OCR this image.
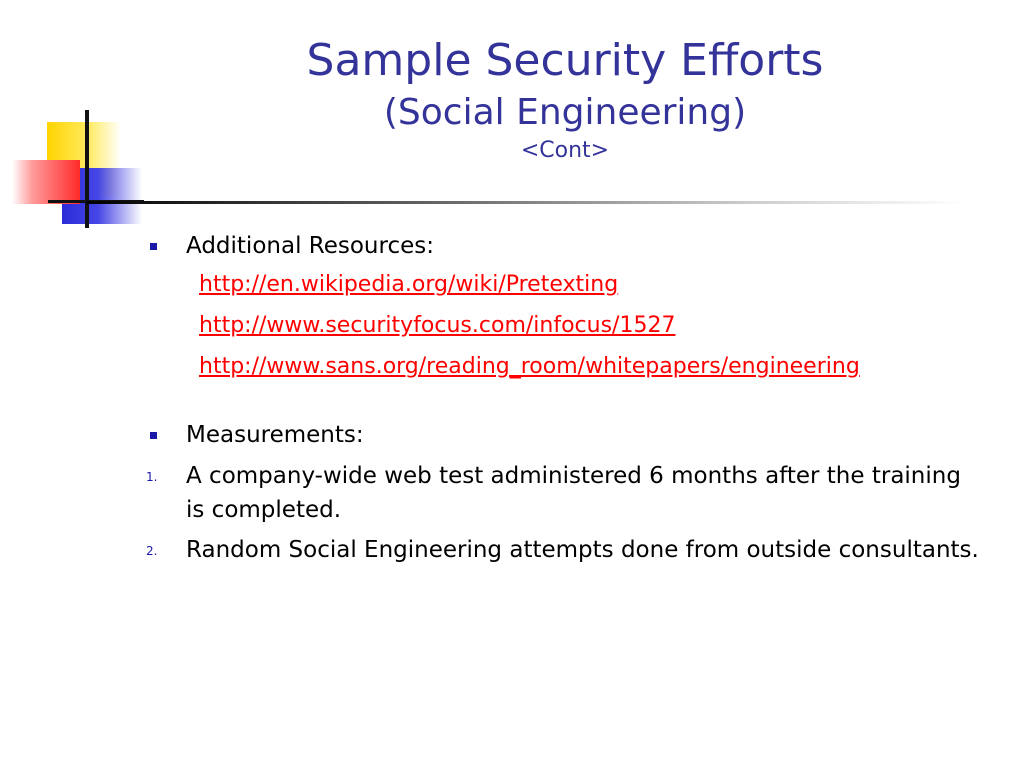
Sample Security Efforts
(Social Engineering)
<Cont>
Additional Resources:
http://en.wikipedia.org/wiki/Pretexting
http://www.securityfocus.com/infocus/1527
http://www.sans.org/reading_room/whitepapers/engineering
Measurements:
1. A company-wide web test administered 6 months after the training is completed.
2. Random Social Engineering attempts done from outside consultants.
